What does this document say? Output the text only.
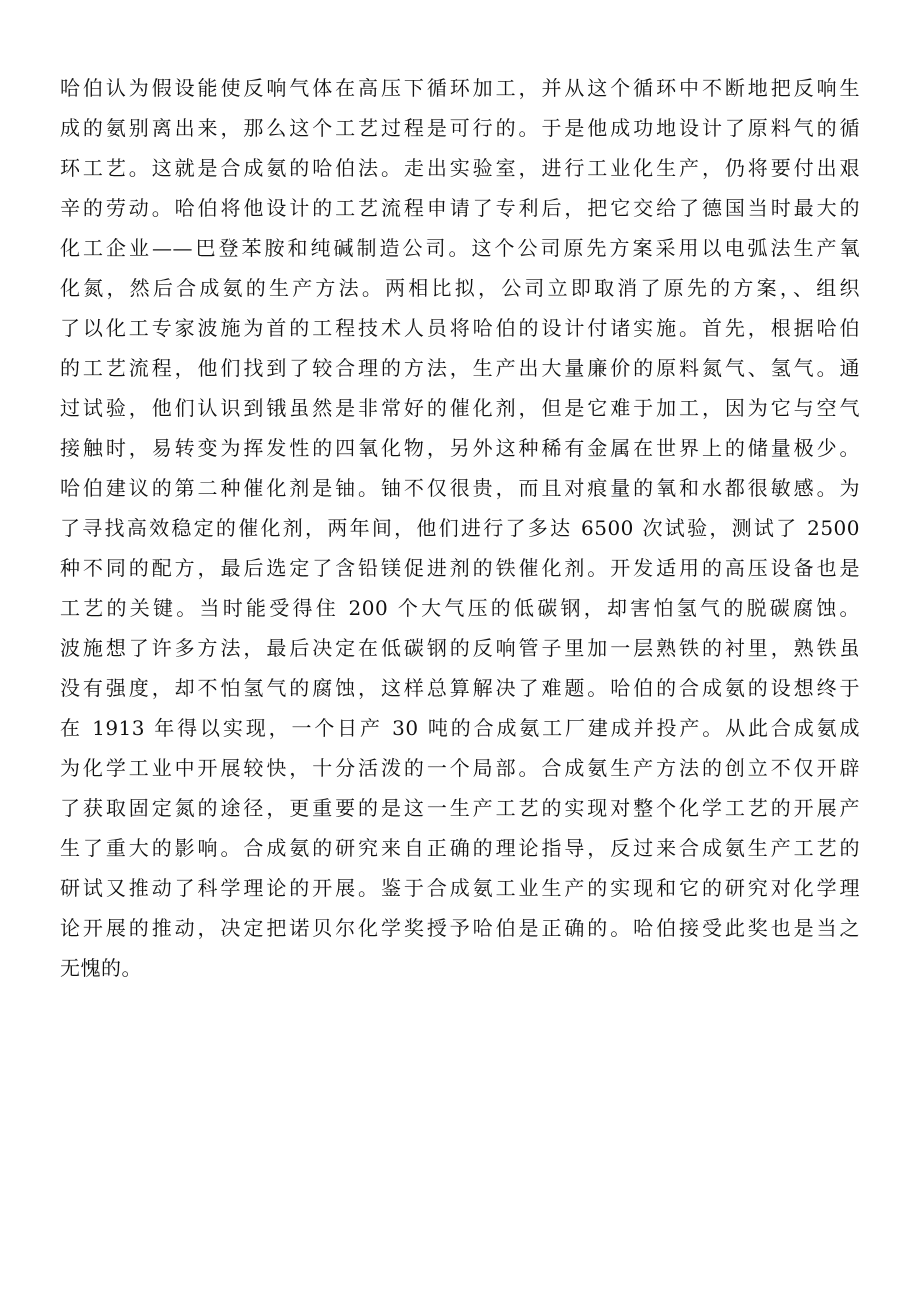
哈伯认为假设能使反响气体在高压下循环加工，并从这个循环中不断地把反响生
成的氨别离出来，那么这个工艺过程是可行的。于是他成功地设计了原料气的循
环工艺。这就是合成氨的哈伯法。走出实验室，进行工业化生产，仍将要付出艰
辛的劳动。哈伯将他设计的工艺流程申请了专利后，把它交给了德国当时最大的
化工企业——巴登苯胺和纯碱制造公司。这个公司原先方案采用以电弧法生产氧
化氮，然后合成氨的生产方法。两相比拟，公司立即取消了原先的方案，、组织
了以化工专家波施为首的工程技术人员将哈伯的设计付诸实施。首先，根据哈伯
的工艺流程，他们找到了较合理的方法，生产出大量廉价的原料氮气、氢气。通
过试验，他们认识到锇虽然是非常好的催化剂，但是它难于加工，因为它与空气
接触时，易转变为挥发性的四氧化物，另外这种稀有金属在世界上的储量极少。
哈伯建议的第二种催化剂是铀。铀不仅很贵，而且对痕量的氧和水都很敏感。为
了寻找高效稳定的催化剂，两年间，他们进行了多达 6500 次试验，测试了 2500
种不同的配方，最后选定了含铅镁促进剂的铁催化剂。开发适用的高压设备也是
工艺的关键。当时能受得住 200 个大气压的低碳钢，却害怕氢气的脱碳腐蚀。
波施想了许多方法，最后决定在低碳钢的反响管子里加一层熟铁的衬里，熟铁虽
没有强度，却不怕氢气的腐蚀，这样总算解决了难题。哈伯的合成氨的设想终于
在 1913 年得以实现，一个日产 30 吨的合成氨工厂建成并投产。从此合成氨成
为化学工业中开展较快，十分活泼的一个局部。合成氨生产方法的创立不仅开辟
了获取固定氮的途径，更重要的是这一生产工艺的实现对整个化学工艺的开展产
生了重大的影响。合成氨的研究来自正确的理论指导，反过来合成氨生产工艺的
研试又推动了科学理论的开展。鉴于合成氨工业生产的实现和它的研究对化学理
论开展的推动，决定把诺贝尔化学奖授予哈伯是正确的。哈伯接受此奖也是当之
无愧的。
